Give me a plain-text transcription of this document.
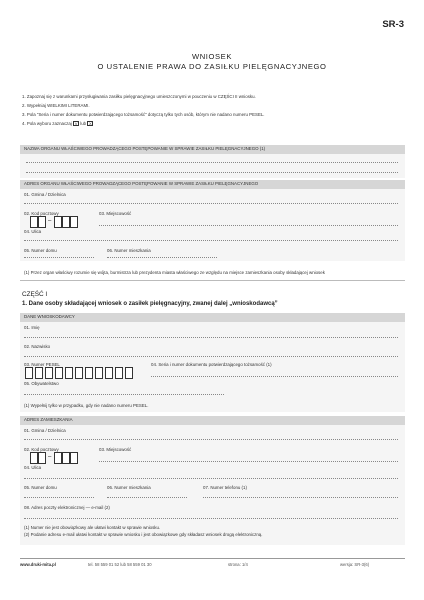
SR-3
WNIOSEK
O USTALENIE PRAWA DO ZASIŁKU PIELĘGNACYJNEGO
1. Zapoznaj się z warunkami przysługiwania zasiłku pielęgnacyjnego umieszczonymi w pouczeniu w CZĘŚCI II wniosku.
2. Wypełniaj WIELKIMI LITERAMI.
3. Pola "Seria i numer dokumentu potwierdzającego tożsamość" dotyczą tylko tych osób, którym nie nadano numeru PESEL.
4. Pola wyboru zaznaczaj V lub X
NAZWA ORGANU WŁAŚCIWEGO PROWADZĄCEGO POSTĘPOWANIE W SPRAWIE ZASIŁKU PIELĘGNACYJNEGO (1)
ADRES ORGANU WŁAŚCIWEGO PROWADZĄCEGO POSTĘPOWANIE W SPRAWIE ZASIŁKU PIELĘGNACYJNEGO
01. Gmina / Dzielnica
02. Kod pocztowy
–
03. Miejscowość
04. Ulica
05. Numer domu	06. Numer mieszkania
(1) Przez organ właściwy rozumie się wójta, burmistrza lub prezydenta miasta właściwego ze względu na miejsce zamieszkania osoby składającej wniosek
CZĘŚĆ I
1. Dane osoby składającej wniosek o zasiłek pielęgnacyjny, zwanej dalej „wnioskodawcą”
DANE WNIOSKODAWCY
01. Imię
02. Nazwisko
03. Numer PESEL	04. Seria i numer dokumentu potwierdzającego tożsamość (1)
05. Obywatelstwo
(1) Wypełnij tylko w przypadku, gdy nie nadano numeru PESEL.
ADRES ZAMIESZKANIA
01. Gmina / Dzielnica
02. Kod pocztowy
–
03. Miejscowość
04. Ulica
05. Numer domu	06. Numer mieszkania	07. Numer telefonu (1)
08. Adres poczty elektronicznej — e-mail (2)
(1) Numer nie jest obowiązkowy ale ułatwi kontakt w sprawie wniosku.
(2) Podanie adresu e-mail ułatwi kontakt w sprawie wniosku i jest obowiązkowe gdy składasz wniosek drogą elektroniczną.
www.druki-mita.pl	tel. 58 559 01 52 lub 58 559 01 30	strona: 1/4	wersja: SR-3(6)
